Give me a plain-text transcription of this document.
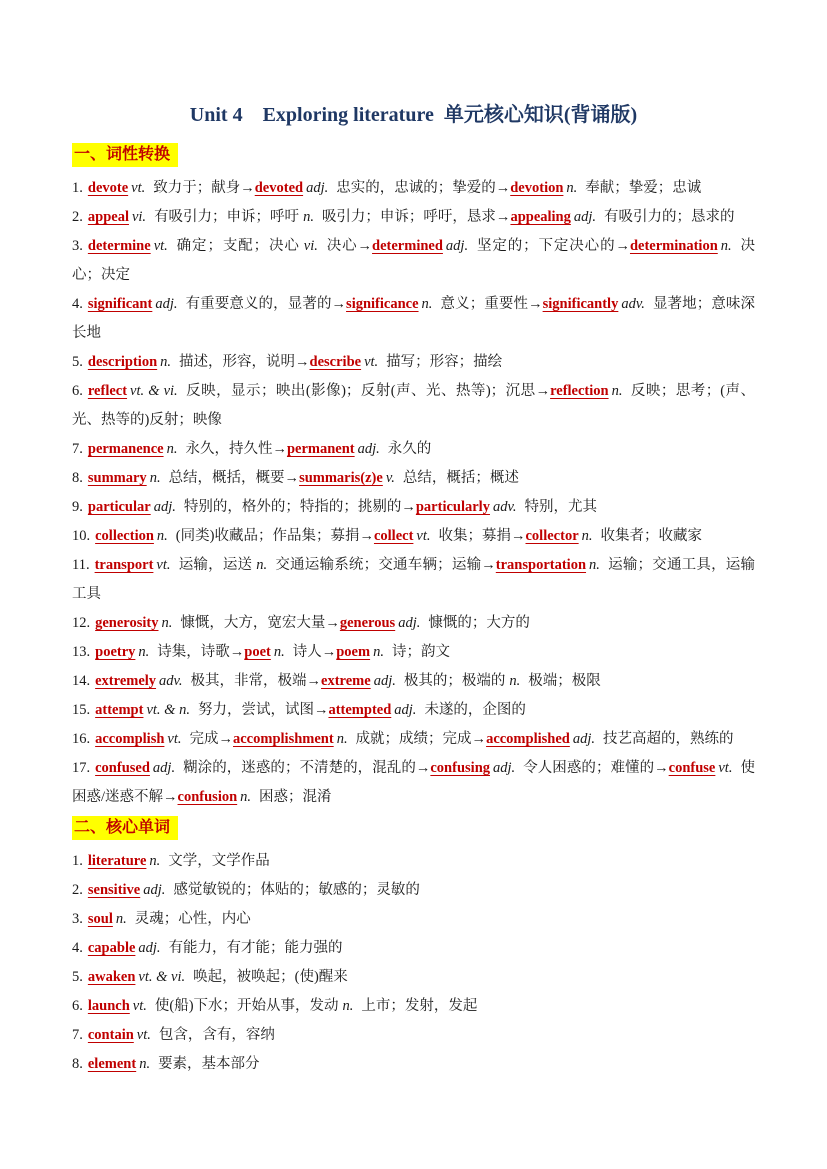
Unit 4　Exploring literature  单元核心知识(背诵版)
一、词性转换

1. devote vt. 致力于；献身→devoted adj. 忠实的，忠诚的；挚爱的→devotion n. 奉献；挚爱；忠诚

2. appeal vi. 有吸引力；申诉；呼吁 n. 吸引力；申诉；呼吁，恳求→appealing adj. 有吸引力的；恳求的

3. determine vt. 确定；支配；决心 vi. 决心→determined adj. 坚定的；下定决心的→determination n. 决心；决定

4. significant adj. 有重要意义的，显著的→significance n. 意义；重要性→significantly adv. 显著地；意味深长地

5. description n. 描述，形容，说明→describe vt. 描写；形容；描绘

6. reflect vt. & vi. 反映，显示；映出(影像)；反射(声、光、热等)；沉思→reflection n. 反映；思考；(声、光、热等的)反射；映像

7. permanence n. 永久，持久性→permanent adj. 永久的

8. summary n. 总结，概括，概要→summaris(z)e v. 总结，概括；概述

9. particular adj. 特别的，格外的；特指的；挑剔的→particularly adv. 特别，尤其

10. collection n. (同类)收藏品；作品集；募捐→collect vt. 收集；募捐→collector n. 收集者；收藏家

11. transport vt. 运输，运送 n. 交通运输系统；交通车辆；运输→transportation n. 运输；交通工具，运输工具

12. generosity n. 慷慨，大方，宽宏大量→generous adj. 慷慨的；大方的

13. poetry n. 诗集，诗歌→poet n. 诗人→poem n. 诗；韵文

14. extremely adv. 极其，非常，极端→extreme adj. 极其的；极端的 n. 极端；极限

15. attempt vt. & n. 努力，尝试，试图→attempted adj. 未遂的，企图的

16. accomplish vt. 完成→accomplishment n. 成就；成绩；完成→accomplished adj. 技艺高超的，熟练的

17. confused adj. 糊涂的，迷惑的；不清楚的，混乱的→confusing adj. 令人困惑的；难懂的→confuse vt. 使困惑/迷惑不解→confusion n. 困惑；混淆

二、核心单词

1. literature n. 文学，文学作品

2. sensitive adj. 感觉敏锐的；体贴的；敏感的；灵敏的

3. soul n. 灵魂；心性，内心

4. capable adj. 有能力，有才能；能力强的

5. awaken vt. & vi. 唤起，被唤起；(使)醒来

6. launch vt. 使(船)下水；开始从事，发动 n. 上市；发射，发起

7. contain vt. 包含，含有，容纳

8. element n. 要素，基本部分
